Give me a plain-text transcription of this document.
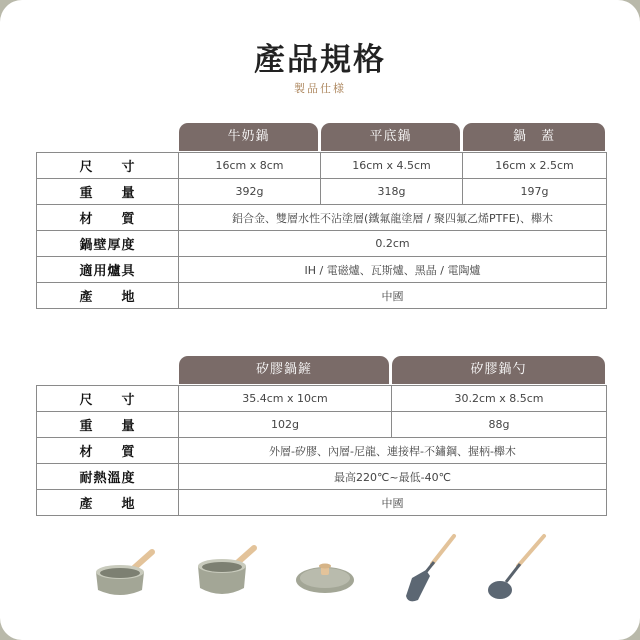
產品規格
製品仕様
牛奶鍋	平底鍋	鍋　蓋
尺　　寸	16cm x 8cm	16cm x 4.5cm	16cm x 2.5cm
重　　量	392g	318g	197g
材　　質	鋁合金、雙層水性不沾塗層(鐵氟龍塗層 / 聚四氟乙烯PTFE)、櫸木		
鍋壁厚度	0.2cm		
適用爐具	IH / 電磁爐、瓦斯爐、黑晶 / 電陶爐		
產　　地	中國		
矽膠鍋鏟	矽膠鍋勺
尺　　寸	35.4cm x 10cm	30.2cm x 8.5cm
重　　量	102g	88g
材　　質	外層-矽膠、內層-尼龍、連接桿-不鏽鋼、握柄-櫸木	
耐熱溫度	最高220℃~最低-40℃	
產　　地	中國	
